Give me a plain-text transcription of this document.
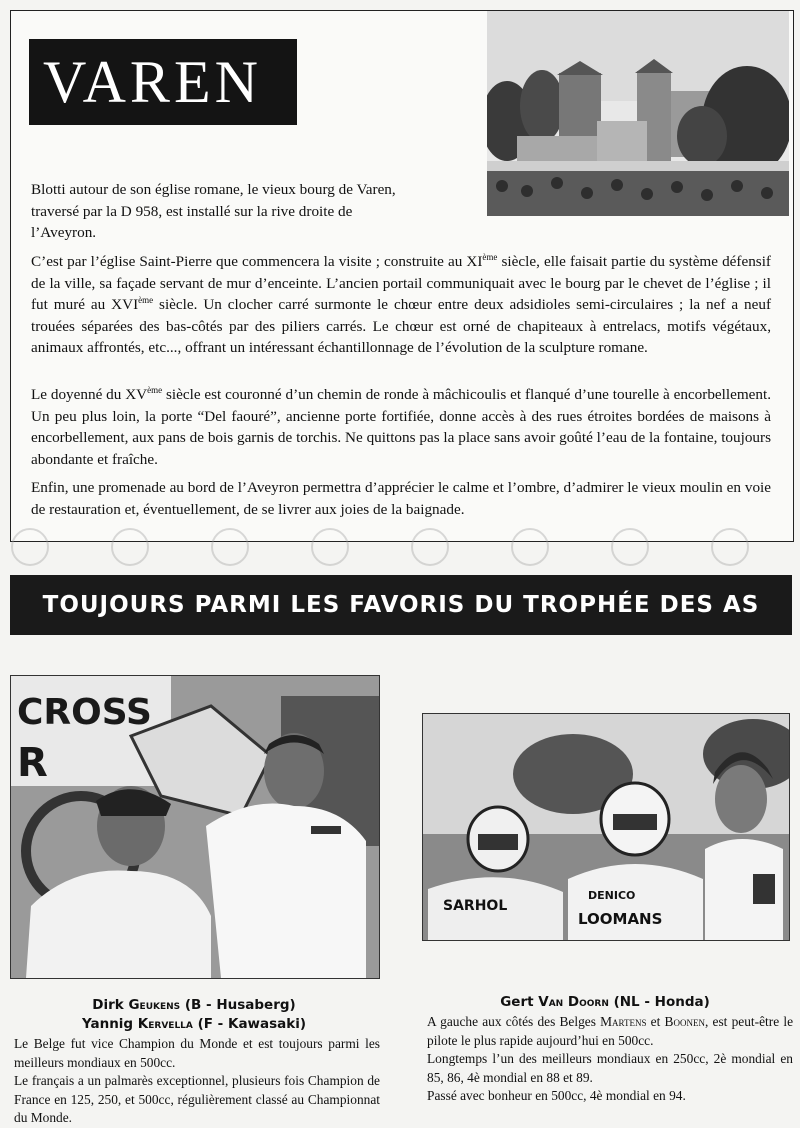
VAREN

Blotti autour de son église romane, le vieux bourg de Varen, traversé par la D 958, est installé sur la rive droite de l’Aveyron.

C’est par l’église Saint-Pierre que commencera la visite ; construite au XIème siècle, elle faisait partie du système défensif de la ville, sa façade servant de mur d’enceinte. L’ancien portail communiquait avec le bourg par le chevet de l’église ; il fut muré au XVIème siècle. Un clocher carré surmonte le chœur entre deux adsidioles semi-circulaires ; la nef a neuf trouées séparées des bas-côtés par des piliers carrés. Le chœur est orné de chapiteaux à entrelacs, motifs végétaux, animaux affrontés, etc..., offrant un intéressant échantillonnage de l’évolution de la sculpture romane.

Le doyenné du XVème siècle est couronné d’un chemin de ronde à mâchicoulis et flanqué d’une tourelle à encorbellement. Un peu plus loin, la porte “Del faouré”, ancienne porte fortifiée, donne accès à des rues étroites bordées de maisons à encorbellement, aux pans de bois garnis de torchis. Ne quittons pas la place sans avoir goûté l’eau de la fontaine, toujours abondante et fraîche.

Enfin, une promenade au bord de l’Aveyron permettra d’apprécier le calme et l’ombre, d’admirer le vieux moulin en voie de restauration et, éventuellement, de se livrer aux joies de la baignade.

TOUJOURS PARMI LES FAVORIS DU TROPHÉE DES AS
CROSS
R
SARHOL
DENICO
LOOMANS

Dirk Geukens (B - Husaberg)

Yannig Kervella (F - Kawasaki)

Le Belge fut vice Champion du Monde et est toujours parmi les meilleurs mondiaux en 500cc.

Le français a un palmarès exceptionnel, plusieurs fois Champion de France en 125, 250, et 500cc, régulièrement classé au Championnat du Monde.

Gert Van Doorn (NL - Honda)

A gauche aux côtés des Belges Martens et Boonen, est peut-être le pilote le plus rapide aujourd’hui en 500cc.

Longtemps l’un des meilleurs mondiaux en 250cc, 2è mondial en 85, 86, 4è mondial en 88 et 89.

Passé avec bonheur en 500cc, 4è mondial en 94.
